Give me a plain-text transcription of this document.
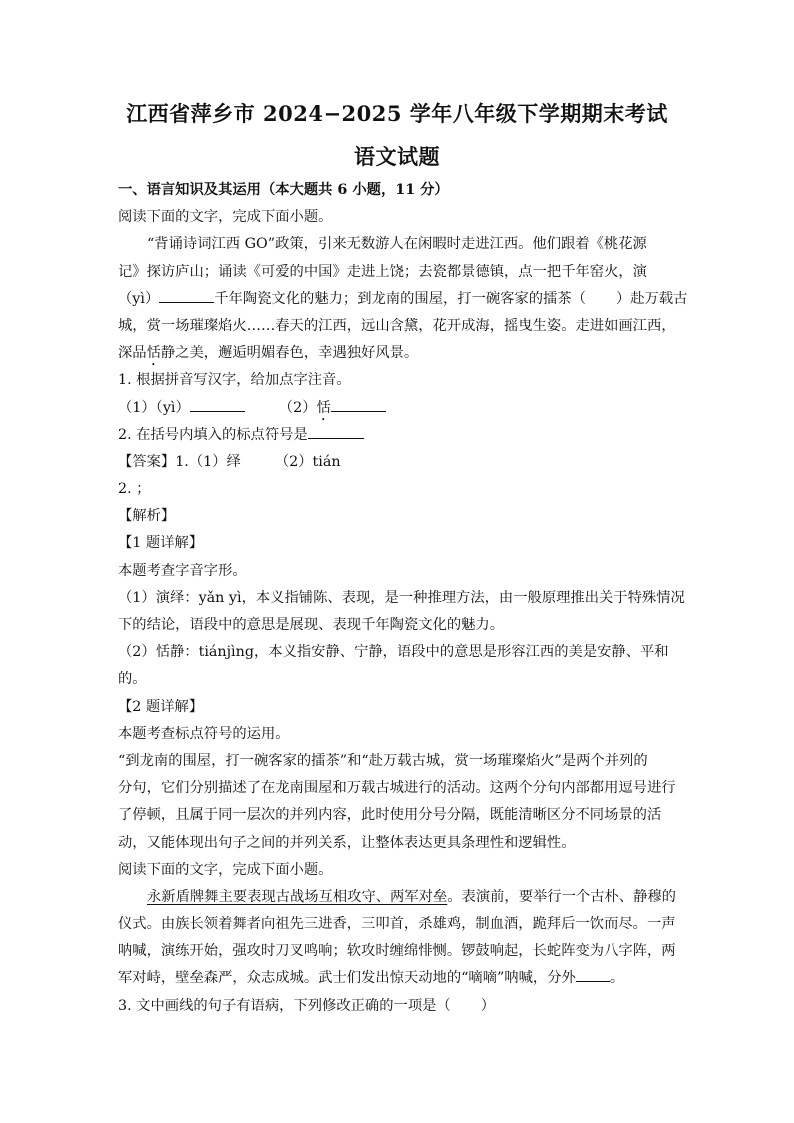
江西省萍乡市 2024−2025 学年八年级下学期期末考试
语文试题
一、语言知识及其运用（本大题共 6 小题，11 分）
阅读下面的文字，完成下面小题。
“背诵诗词江西 GO”政策，引来无数游人在闲暇时走进江西。他们跟着《桃花源
记》探访庐山；诵读《可爱的中国》走进上饶；去瓷都景德镇，点一把千年窑火，演
（yì）	千年陶瓷文化的魅力；到龙南的围屋，打一碗客家的擂茶（ ）赴万载古
城，赏一场璀璨焰火……春天的江西，远山含黛，花开成海，摇曳生姿。走进如画江西，
深品恬静之美，邂逅明媚春色，幸遇独好风景。
1. 根据拼音写汉字，给加点字注音。
（1）（yì）	（2）恬
2. 在括号内填入的标点符号是
【答案】1.（1）绎 （2）tián
2. ；
【解析】
【1 题详解】
本题考查字音字形。
（1）演绎：yǎn yì，本义指铺陈、表现，是一种推理方法，由一般原理推出关于特殊情况
下的结论，语段中的意思是展现、表现千年陶瓷文化的魅力。
（2）恬静：tiánjìng，本义指安静、宁静，语段中的意思是形容江西的美是安静、平和
的。
【2 题详解】
本题考查标点符号的运用。
“到龙南的围屋，打一碗客家的擂茶”和“赴万载古城，赏一场璀璨焰火”是两个并列的
分句，它们分别描述了在龙南围屋和万载古城进行的活动。这两个分句内部都用逗号进行
了停顿，且属于同一层次的并列内容，此时使用分号分隔，既能清晰区分不同场景的活
动，又能体现出句子之间的并列关系，让整体表达更具条理性和逻辑性。
阅读下面的文字，完成下面小题。
永新盾牌舞主要表现古战场互相攻守、两军对垒。表演前，要举行一个古朴、静穆的
仪式。由族长领着舞者向祖先三进香，三叩首，杀雄鸡，制血酒，跪拜后一饮而尽。一声
呐喊，演练开始，强攻时刀叉鸣响；软攻时缠绵悱恻。锣鼓响起，长蛇阵变为八字阵，两
军对峙，壁垒森严，众志成城。武士们发出惊天动地的“嘀嘀”呐喊，分外 。
3. 文中画线的句子有语病，下列修改正确的一项是（ ）
